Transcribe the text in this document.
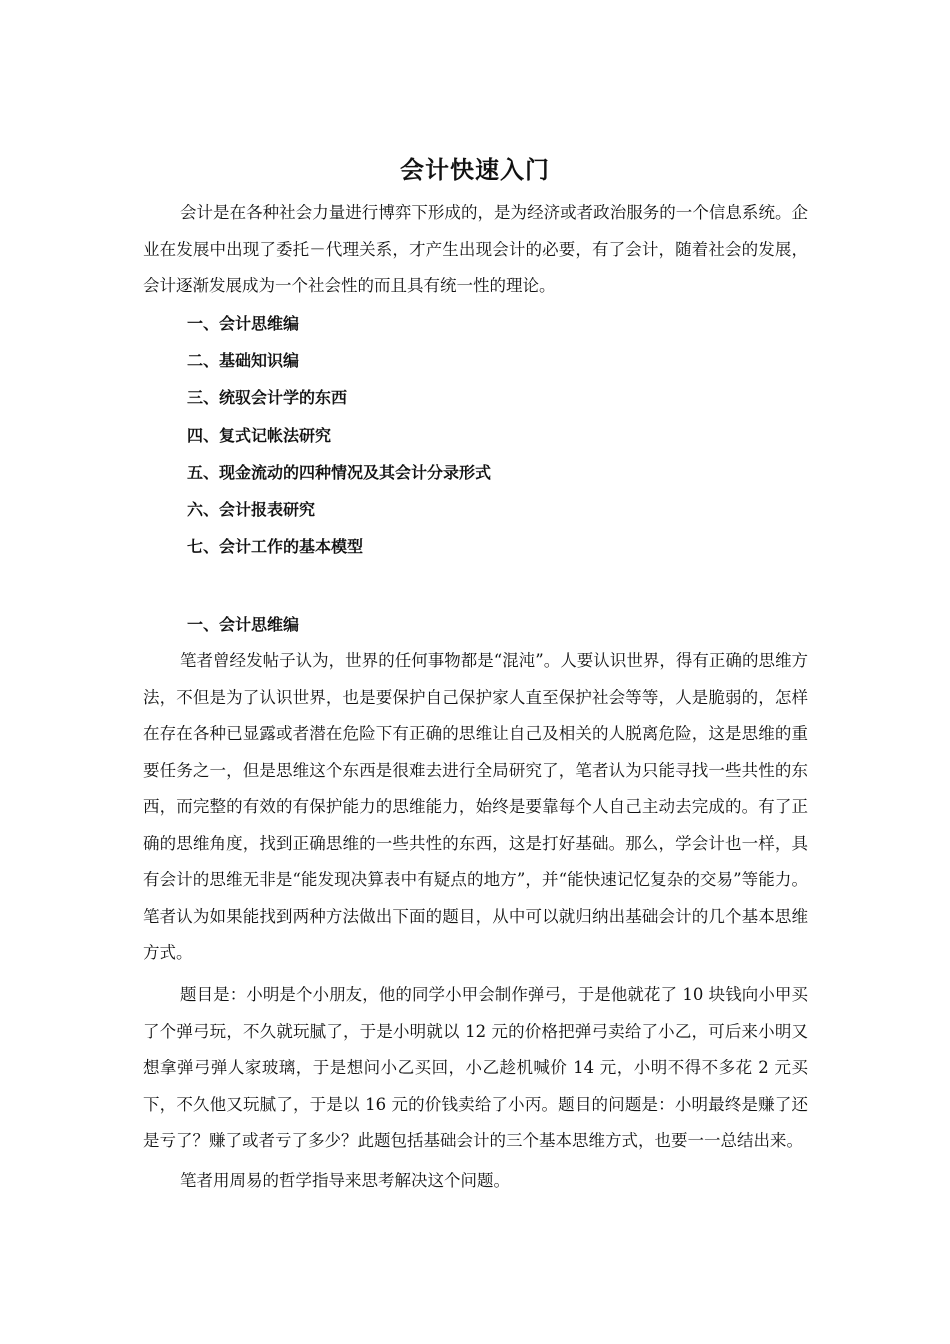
会计快速入门

会计是在各种社会力量进行博弈下形成的，是为经济或者政治服务的一个信息系统。企业在发展中出现了委托－代理关系，才产生出现会计的必要，有了会计，随着社会的发展，会计逐渐发展成为一个社会性的而且具有统一性的理论。

一、会计思维编
二、基础知识编
三、统驭会计学的东西
四、复式记帐法研究
五、现金流动的四种情况及其会计分录形式
六、会计报表研究
七、会计工作的基本模型
一、会计思维编

笔者曾经发帖子认为，世界的任何事物都是“混沌”。人要认识世界，得有正确的思维方法，不但是为了认识世界，也是要保护自己保护家人直至保护社会等等，人是脆弱的，怎样在存在各种已显露或者潜在危险下有正确的思维让自己及相关的人脱离危险，这是思维的重要任务之一，但是思维这个东西是很难去进行全局研究了，笔者认为只能寻找一些共性的东西，而完整的有效的有保护能力的思维能力，始终是要靠每个人自己主动去完成的。有了正确的思维角度，找到正确思维的一些共性的东西，这是打好基础。那么，学会计也一样，具有会计的思维无非是“能发现决算表中有疑点的地方”，并“能快速记忆复杂的交易”等能力。笔者认为如果能找到两种方法做出下面的题目，从中可以就归纳出基础会计的几个基本思维方式。

题目是：小明是个小朋友，他的同学小甲会制作弹弓，于是他就花了 10 块钱向小甲买了个弹弓玩，不久就玩腻了，于是小明就以 12 元的价格把弹弓卖给了小乙，可后来小明又想拿弹弓弹人家玻璃，于是想问小乙买回，小乙趁机喊价 14 元，小明不得不多花 2 元买下，不久他又玩腻了，于是以 16 元的价钱卖给了小丙。题目的问题是：小明最终是赚了还是亏了？赚了或者亏了多少？此题包括基础会计的三个基本思维方式，也要一一总结出来。

笔者用周易的哲学指导来思考解决这个问题。
